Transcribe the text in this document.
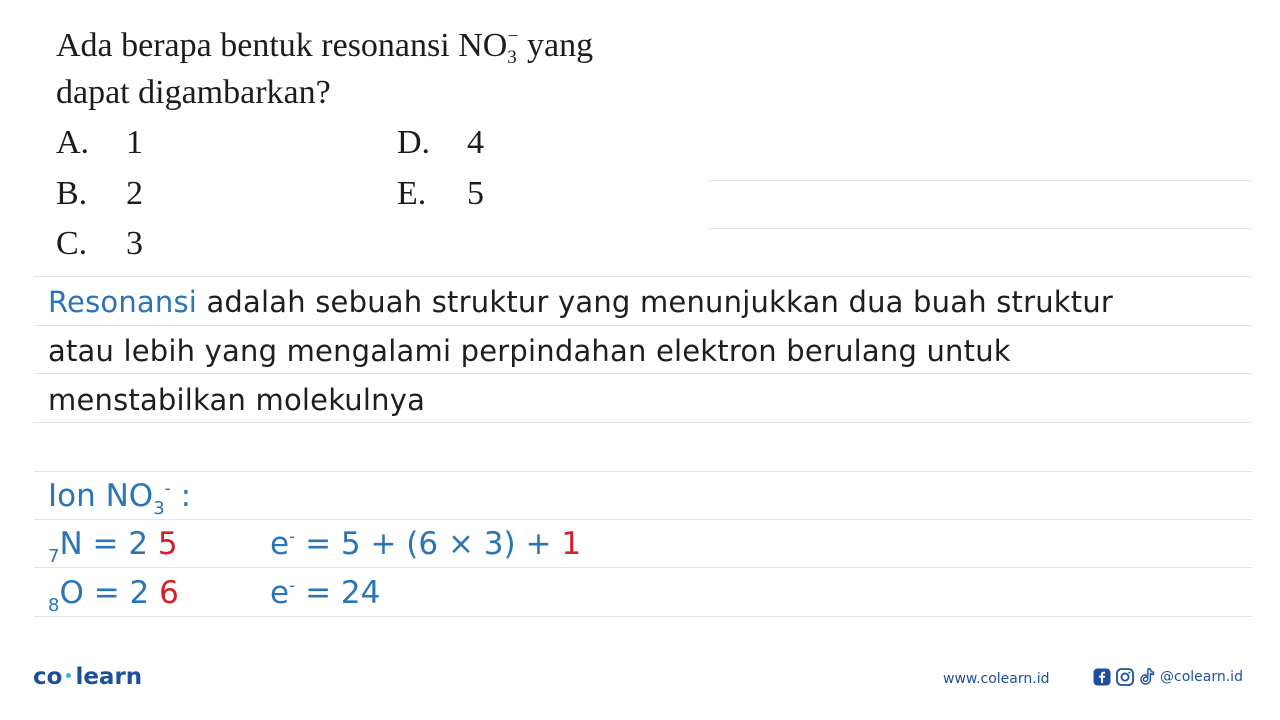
Ada berapa bentuk resonansi $NO_3^-$ yang
dapat digambarkan?
A. 1
B. 2
C. 3
D. 4
E. 5
Resonansi adalah sebuah struktur yang menunjukkan dua buah struktur
atau lebih yang mengalami perpindahan elektron berulang untuk
menstabilkan molekulnya
Ion $NO_3^-$ :
$_7$N = 2 5
$_8$O = 2 6
e- = 5 + (6 × 3) + 1
e- = 24
co learn	www.colearn.id	@colearn.id
